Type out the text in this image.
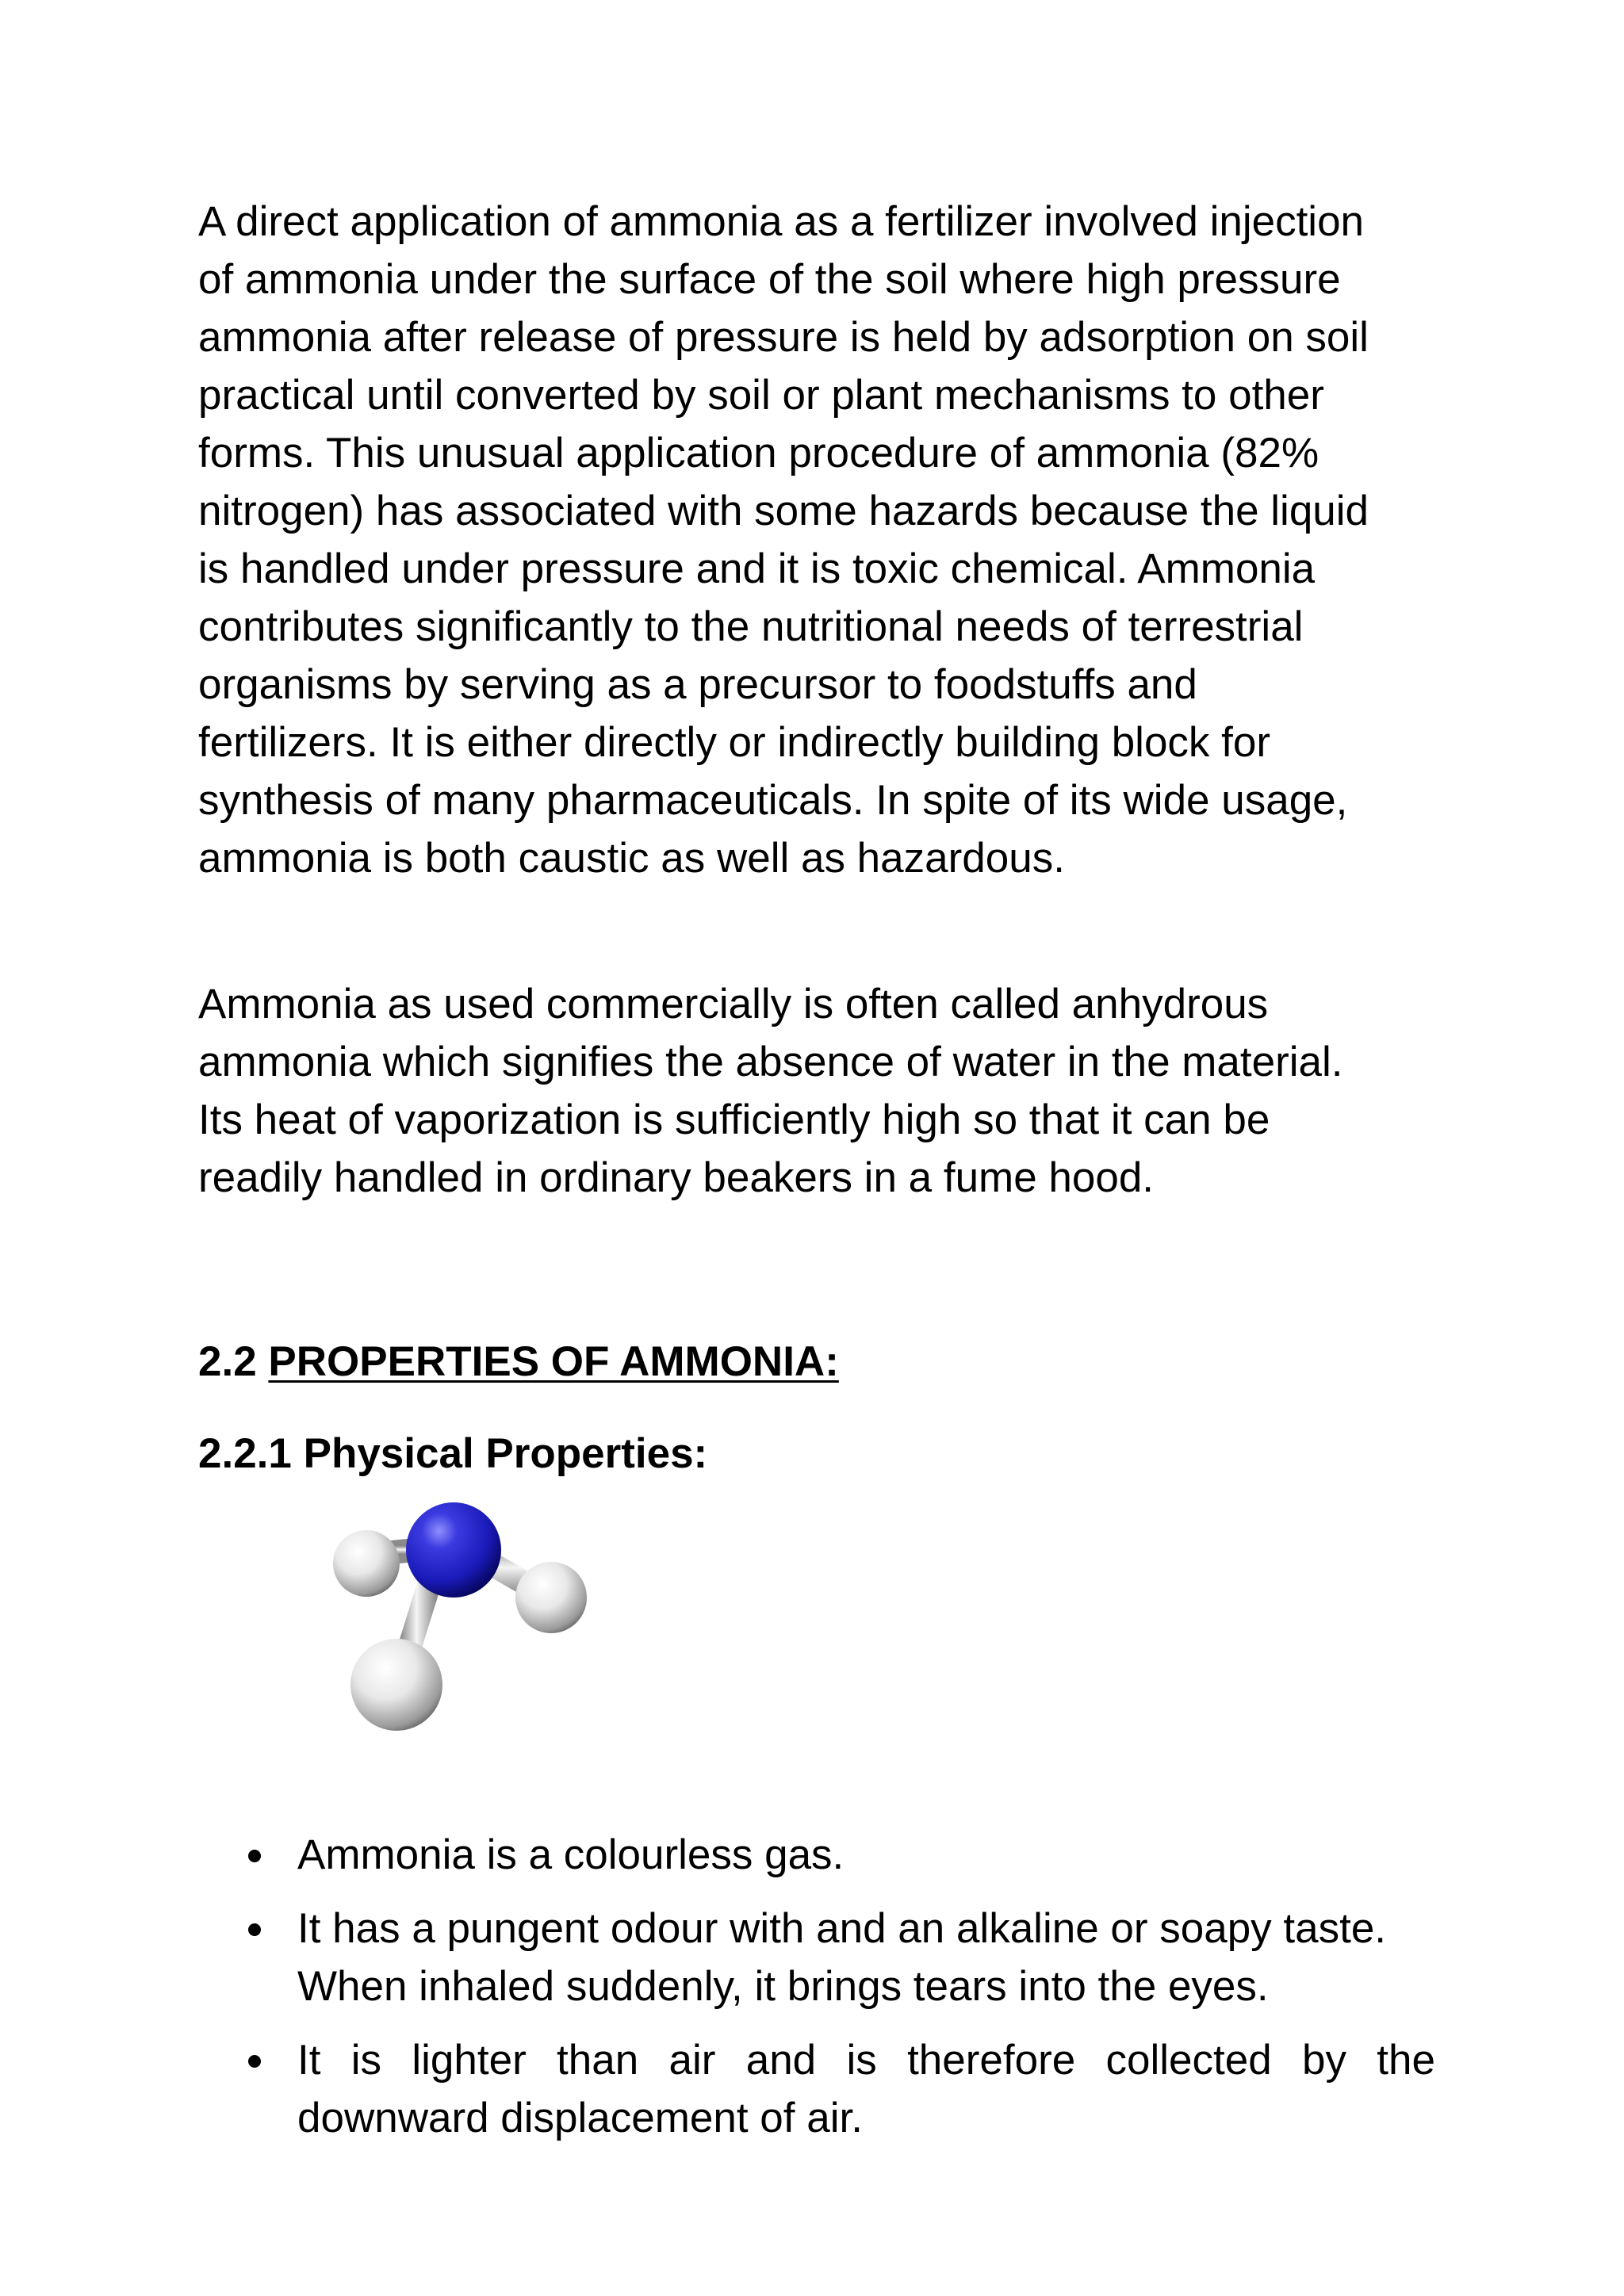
A direct application of ammonia as a fertilizer involved injection
of ammonia under the surface of the soil where high pressure
ammonia after release of pressure is held by adsorption on soil
practical until converted by soil or plant mechanisms to other
forms. This unusual application procedure of ammonia (82%
nitrogen) has associated with some hazards because the liquid
is handled under pressure and it is toxic chemical. Ammonia
contributes significantly to the nutritional needs of terrestrial
organisms by serving as a precursor to foodstuffs and
fertilizers. It is either directly or indirectly building block for
synthesis of many pharmaceuticals. In spite of its wide usage,
ammonia is both caustic as well as hazardous.

Ammonia as used commercially is often called anhydrous
ammonia which signifies the absence of water in the material.
Its heat of vaporization is sufficiently high so that it can be
readily handled in ordinary beakers in a fume hood.

2.2 PROPERTIES OF AMMONIA:
2.2.1 Physical Properties:
Ammonia is a colourless gas.
It has a pungent odour with and an alkaline or soapy taste.
When inhaled suddenly, it brings tears into the eyes.
It is lighter than air and is therefore collected by the
downward displacement of air.
